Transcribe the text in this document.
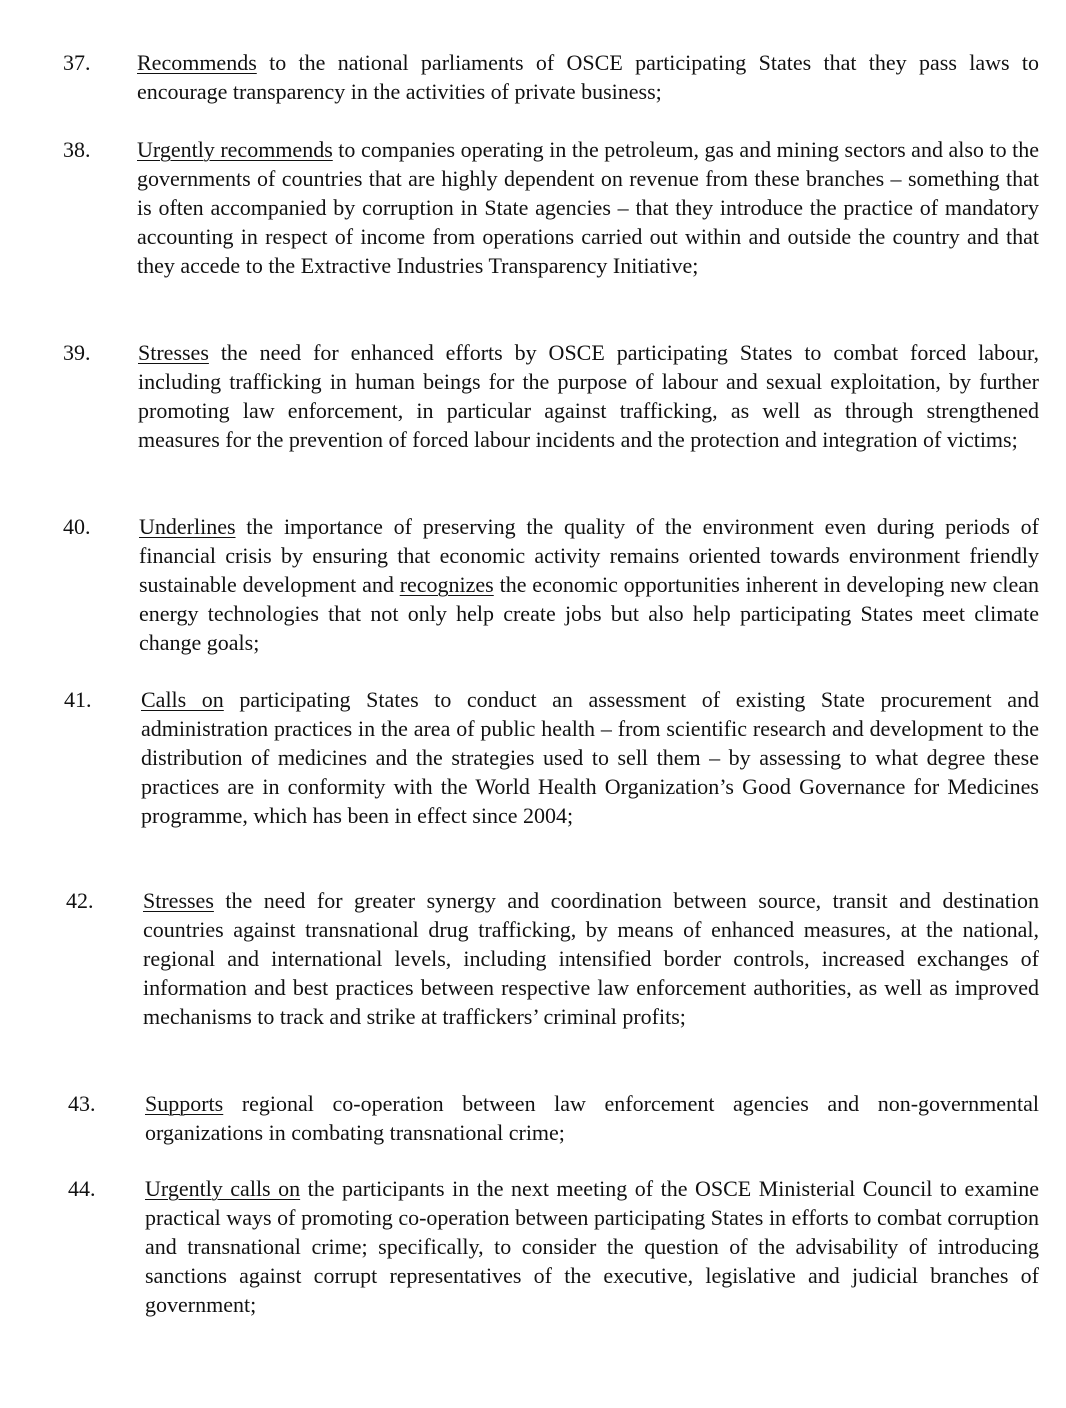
37.	Recommends to the national parliaments of OSCE participating States that they pass laws to encourage transparency in the activities of private business;
38.	Urgently recommends to companies operating in the petroleum, gas and mining sectors and also to the governments of countries that are highly dependent on revenue from these branches – something that is often accompanied by corruption in State agencies – that they introduce the practice of mandatory accounting in respect of income from operations carried out within and outside the country and that they accede to the Extractive Industries Transparency Initiative;
39.	Stresses the need for enhanced efforts by OSCE participating States to combat forced labour, including trafficking in human beings for the purpose of labour and sexual exploitation, by further promoting law enforcement, in particular against trafficking, as well as through strengthened measures for the prevention of forced labour incidents and the protection and integration of victims;
40.	Underlines the importance of preserving the quality of the environment even during periods of financial crisis by ensuring that economic activity remains oriented towards environment friendly sustainable development and recognizes the economic opportunities inherent in developing new clean energy technologies that not only help create jobs but also help participating States meet climate change goals;
41.	Calls on participating States to conduct an assessment of existing State procurement and administration practices in the area of public health – from scientific research and development to the distribution of medicines and the strategies used to sell them – by assessing to what degree these practices are in conformity with the World Health Organization’s Good Governance for Medicines programme, which has been in effect since 2004;
42.	Stresses the need for greater synergy and coordination between source, transit and destination countries against transnational drug trafficking, by means of enhanced measures, at the national, regional and international levels, including intensified border controls, increased exchanges of information and best practices between respective law enforcement authorities, as well as improved mechanisms to track and strike at traffickers’ criminal profits;
43.	Supports regional co-operation between law enforcement agencies and non-governmental organizations in combating transnational crime;
44.	Urgently calls on the participants in the next meeting of the OSCE Ministerial Council to examine practical ways of promoting co-operation between participating States in efforts to combat corruption and transnational crime; specifically, to consider the question of the advisability of introducing sanctions against corrupt representatives of the executive, legislative and judicial branches of government;
